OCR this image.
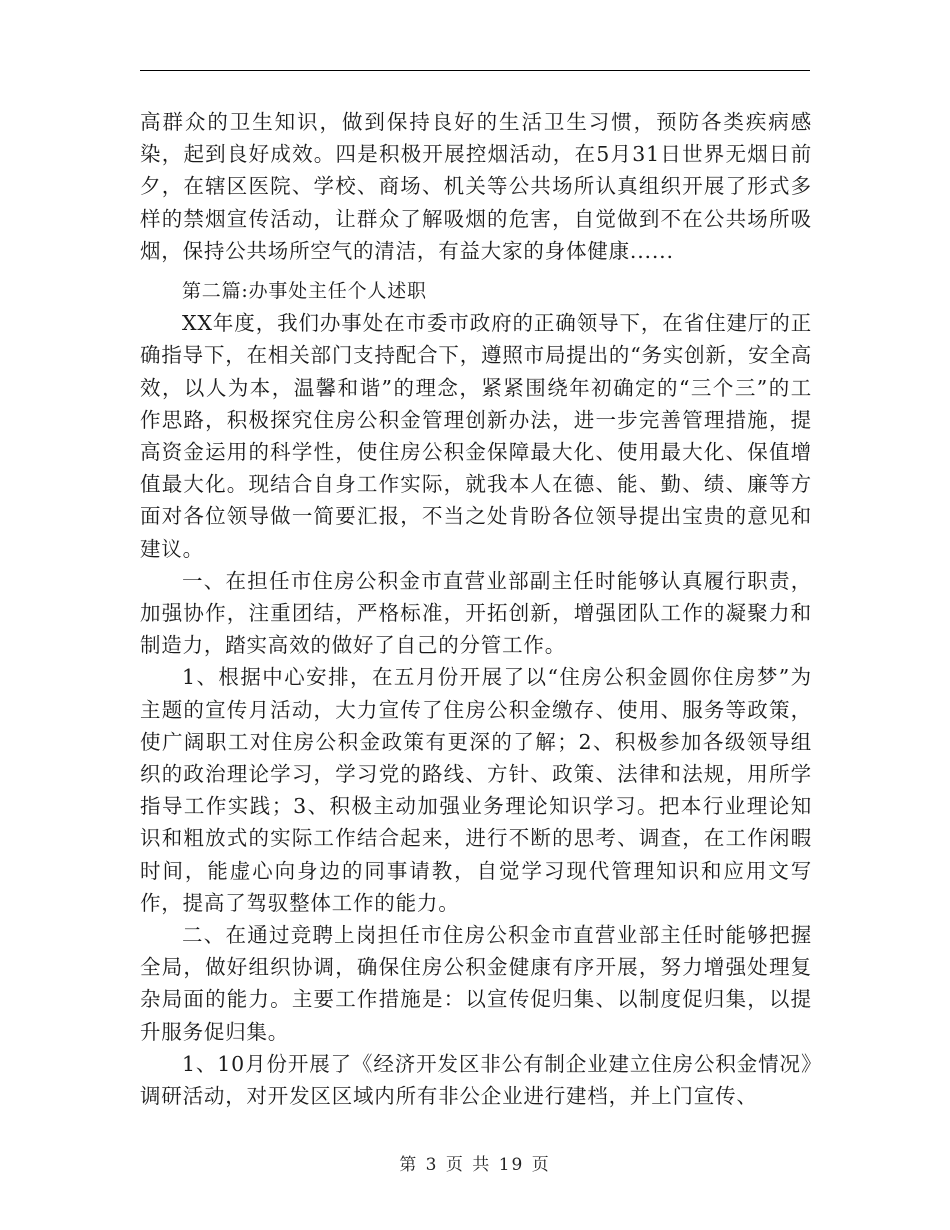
高群众的卫生知识，做到保持良好的生活卫生习惯，预防各类疾病感染，起到良好成效。四是积极开展控烟活动，在5月31日世界无烟日前夕，在辖区医院、学校、商场、机关等公共场所认真组织开展了形式多样的禁烟宣传活动，让群众了解吸烟的危害，自觉做到不在公共场所吸烟，保持公共场所空气的清洁，有益大家的身体健康......

第二篇:办事处主任个人述职

XX年度，我们办事处在市委市政府的正确领导下，在省住建厅的正确指导下，在相关部门支持配合下，遵照市局提出的“务实创新，安全高效，以人为本，温馨和谐”的理念，紧紧围绕年初确定的“三个三”的工作思路，积极探究住房公积金管理创新办法，进一步完善管理措施，提高资金运用的科学性，使住房公积金保障最大化、使用最大化、保值增值最大化。现结合自身工作实际，就我本人在德、能、勤、绩、廉等方面对各位领导做一简要汇报，不当之处肯盼各位领导提出宝贵的意见和建议。

一、在担任市住房公积金市直营业部副主任时能够认真履行职责，加强协作，注重团结，严格标准，开拓创新，增强团队工作的凝聚力和制造力，踏实高效的做好了自己的分管工作。

1、根据中心安排，在五月份开展了以“住房公积金圆你住房梦”为主题的宣传月活动，大力宣传了住房公积金缴存、使用、服务等政策，使广阔职工对住房公积金政策有更深的了解；2、积极参加各级领导组织的政治理论学习，学习党的路线、方针、政策、法律和法规，用所学指导工作实践；3、积极主动加强业务理论知识学习。把本行业理论知识和粗放式的实际工作结合起来，进行不断的思考、调查，在工作闲暇时间，能虚心向身边的同事请教，自觉学习现代管理知识和应用文写作，提高了驾驭整体工作的能力。

二、在通过竞聘上岗担任市住房公积金市直营业部主任时能够把握全局，做好组织协调，确保住房公积金健康有序开展，努力增强处理复杂局面的能力。主要工作措施是：以宣传促归集、以制度促归集，以提升服务促归集。

1、10月份开展了《经济开发区非公有制企业建立住房公积金情况》调研活动，对开发区区域内所有非公企业进行建档，并上门宣传、

第 3 页 共 19 页
